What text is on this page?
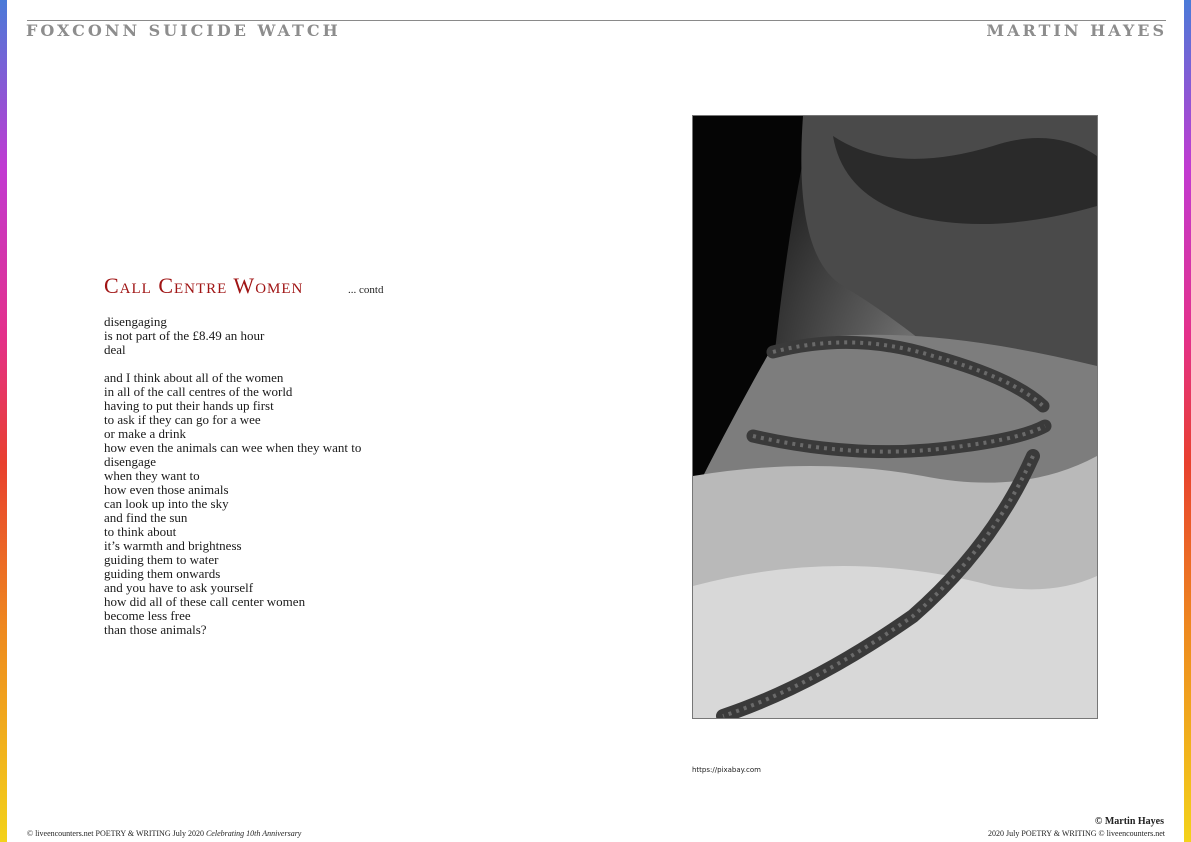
FOXCONN SUICIDE WATCH	MARTIN HAYES
Call Centre Women	... contd
disengaging
is not part of the £8.49 an hour
deal
and I think about all of the women
in all of the call centres of the world
having to put their hands up first
to ask if they can go for a wee
or make a drink
how even the animals can wee when they want to
disengage
when they want to
how even those animals
can look up into the sky
and find the sun
to think about
it’s warmth and brightness
guiding them to water
guiding them onwards
and you have to ask yourself
how did all of these call center women
become less free
than those animals?
https://pixabay.com
© liveencounters.net POETRY & WRITING July 2020 Celebrating 10th Anniversary
© Martin Hayes
2020 July POETRY & WRITING © liveencounters.net
